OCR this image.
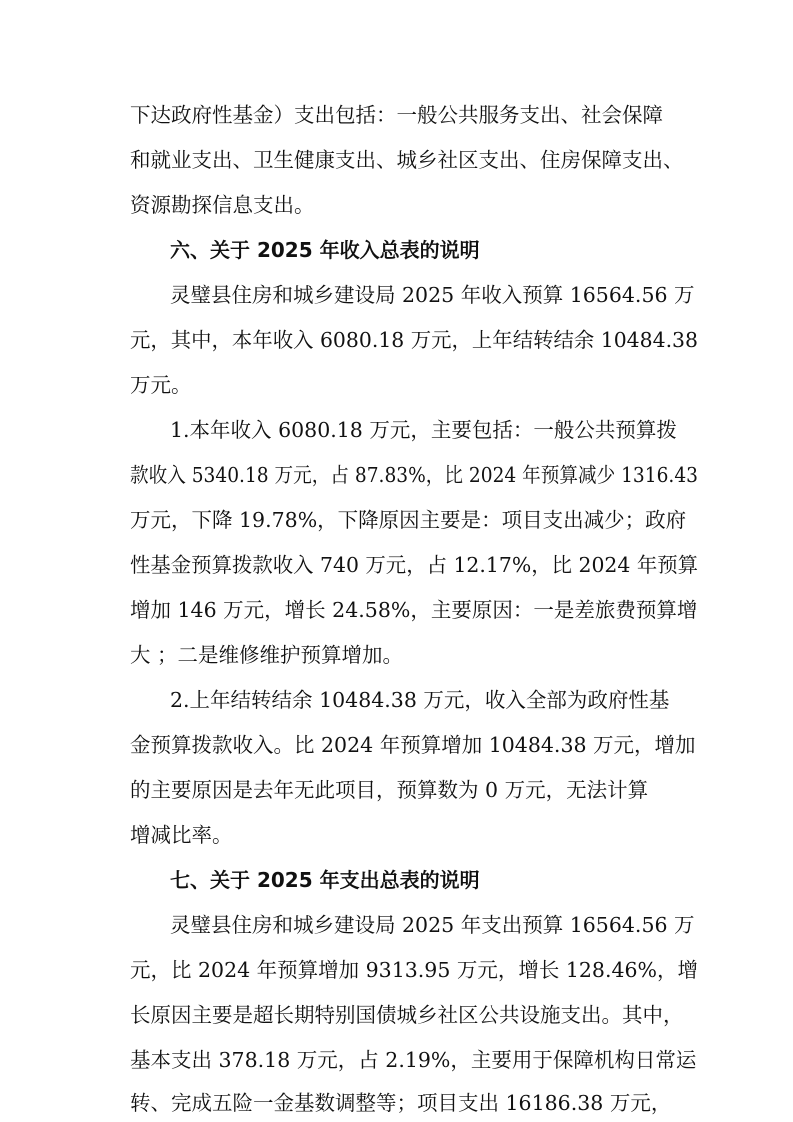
下达政府性基金）支出包括：一般公共服务支出、社会保障
和就业支出、卫生健康支出、城乡社区支出、住房保障支出、
资源勘探信息支出。
六、关于 2025 年收入总表的说明
灵璧县住房和城乡建设局 2025 年收入预算 16564.56 万
元，其中，本年收入 6080.18 万元，上年结转结余 10484.38
万元。
1.本年收入 6080.18 万元，主要包括：一般公共预算拨
款收入 5340.18 万元，占 87.83%，比 2024 年预算减少 1316.43
万元，下降 19.78%，下降原因主要是：项目支出减少；政府
性基金预算拨款收入 740 万元，占 12.17%，比 2024 年预算
增加 146 万元，增长 24.58%，主要原因：一是差旅费预算增
大 ；二是维修维护预算增加。
2.上年结转结余 10484.38 万元，收入全部为政府性基
金预算拨款收入。比 2024 年预算增加 10484.38 万元，增加
的主要原因是去年无此项目，预算数为 0 万元，无法计算
增减比率。
七、关于 2025 年支出总表的说明
灵璧县住房和城乡建设局 2025 年支出预算 16564.56 万
元，比 2024 年预算增加 9313.95 万元，增长 128.46%，增
长原因主要是超长期特别国债城乡社区公共设施支出。其中，
基本支出 378.18 万元，占 2.19%，主要用于保障机构日常运
转、完成五险一金基数调整等；项目支出 16186.38 万元，
